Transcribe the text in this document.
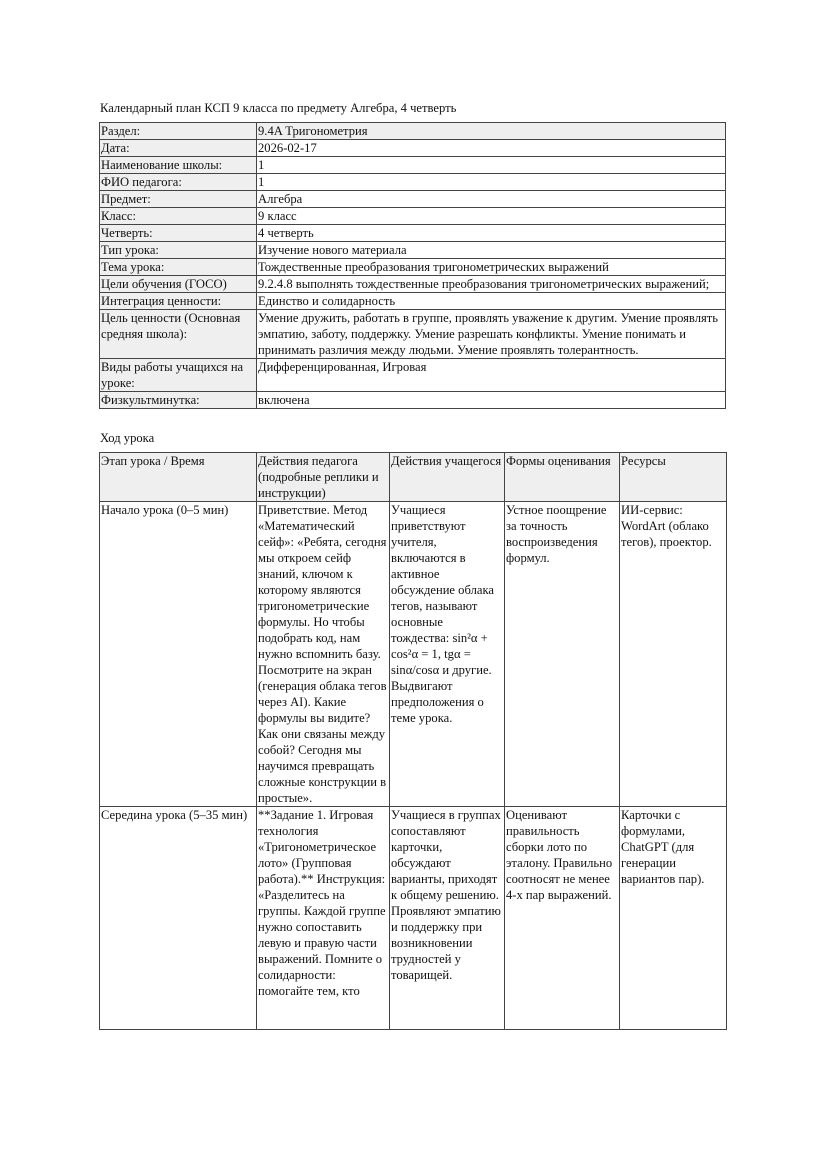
Календарный план КСП 9 класса по предмету Алгебра, 4 четверть
Раздел:	9.4A Тригонометрия
Дата:	2026-02-17
Наименование школы:	1
ФИО педагога:	1
Предмет:	Алгебра
Класс:	9 класс
Четверть:	4 четверть
Тип урока:	Изучение нового материала
Тема урока:	Тождественные преобразования тригонометрических выражений
Цели обучения (ГОСО)	9.2.4.8 выполнять тождественные преобразования тригонометрических выражений;
Интеграция ценности:	Единство и солидарность
Цель ценности (Основная средняя школа):	Умение дружить, работать в группе, проявлять уважение к другим. Умение проявлять эмпатию, заботу, поддержку. Умение разрешать конфликты. Умение понимать и принимать различия между людьми. Умение проявлять толерантность.
Виды работы учащихся на уроке:	Дифференцированная, Игровая
Физкультминутка:	включена
Ход урока
Этап урока / Время	Действия педагога (подробные реплики и инструкции)	Действия учащегося	Формы оценивания	Ресурсы
Начало урока (0–5 мин)	Приветствие. Метод «Математический сейф»: «Ребята, сегодня мы откроем сейф знаний, ключом к которому являются тригонометрические формулы. Но чтобы подобрать код, нам нужно вспомнить базу. Посмотрите на экран (генерация облака тегов через AI). Какие формулы вы видите? Как они связаны между собой? Сегодня мы научимся превращать сложные конструкции в простые».	Учащиеся приветствуют учителя, включаются в активное обсуждение облака тегов, называют основные тождества: sin²α + cos²α = 1, tgα = sinα/cosα и другие. Выдвигают предположения о теме урока.	Устное поощрение за точность воспроизведения формул.	ИИ-сервис: WordArt (облако тегов), проектор.

Середина урока (5–35 мин)	**Задание 1. Игровая технология «Тригонометрическое лото» (Групповая работа).** Инструкция: «Разделитесь на группы. Каждой группе нужно сопоставить левую и правую части выражений. Помните о солидарности: помогайте тем, кто	Учащиеся в группах сопоставляют карточки, обсуждают варианты, приходят к общему решению. Проявляют эмпатию и поддержку при возникновении трудностей у товарищей.	Оценивают правильность сборки лото по эталону. Правильно соотносят не менее 4-х пар выражений.	Карточки с формулами, ChatGPT (для генерации вариантов пар).
